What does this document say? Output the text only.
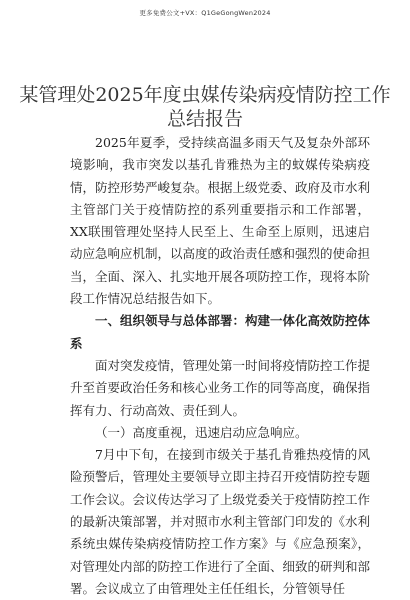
更多免费公文+VX：Q1GeGongWen2024
某管理处2025年度虫媒传染病疫情防控工作
总结报告

2025年夏季，受持续高温多雨天气及复杂外部环境影响，我市突发以基孔肯雅热为主的蚊媒传染病疫情，防控形势严峻复杂。根据上级党委、政府及市水利主管部门关于疫情防控的系列重要指示和工作部署，XX联围管理处坚持人民至上、生命至上原则，迅速启动应急响应机制，以高度的政治责任感和强烈的使命担当，全面、深入、扎实地开展各项防控工作，现将本阶段工作情况总结报告如下。

一、组织领导与总体部署：构建一体化高效防控体系

面对突发疫情，管理处第一时间将疫情防控工作提升至首要政治任务和核心业务工作的同等高度，确保指挥有力、行动高效、责任到人。

（一）高度重视，迅速启动应急响应。

7月中下旬，在接到市级关于基孔肯雅热疫情的风险预警后，管理处主要领导立即主持召开疫情防控专题工作会议。会议传达学习了上级党委关于疫情防控工作的最新决策部署，并对照市水利主管部门印发的《水利系统虫媒传染病疫情防控工作方案》与《应急预案》，对管理处内部的防控工作进行了全面、细致的研判和部署。会议成立了由管理处主任任组长，分管领导任
